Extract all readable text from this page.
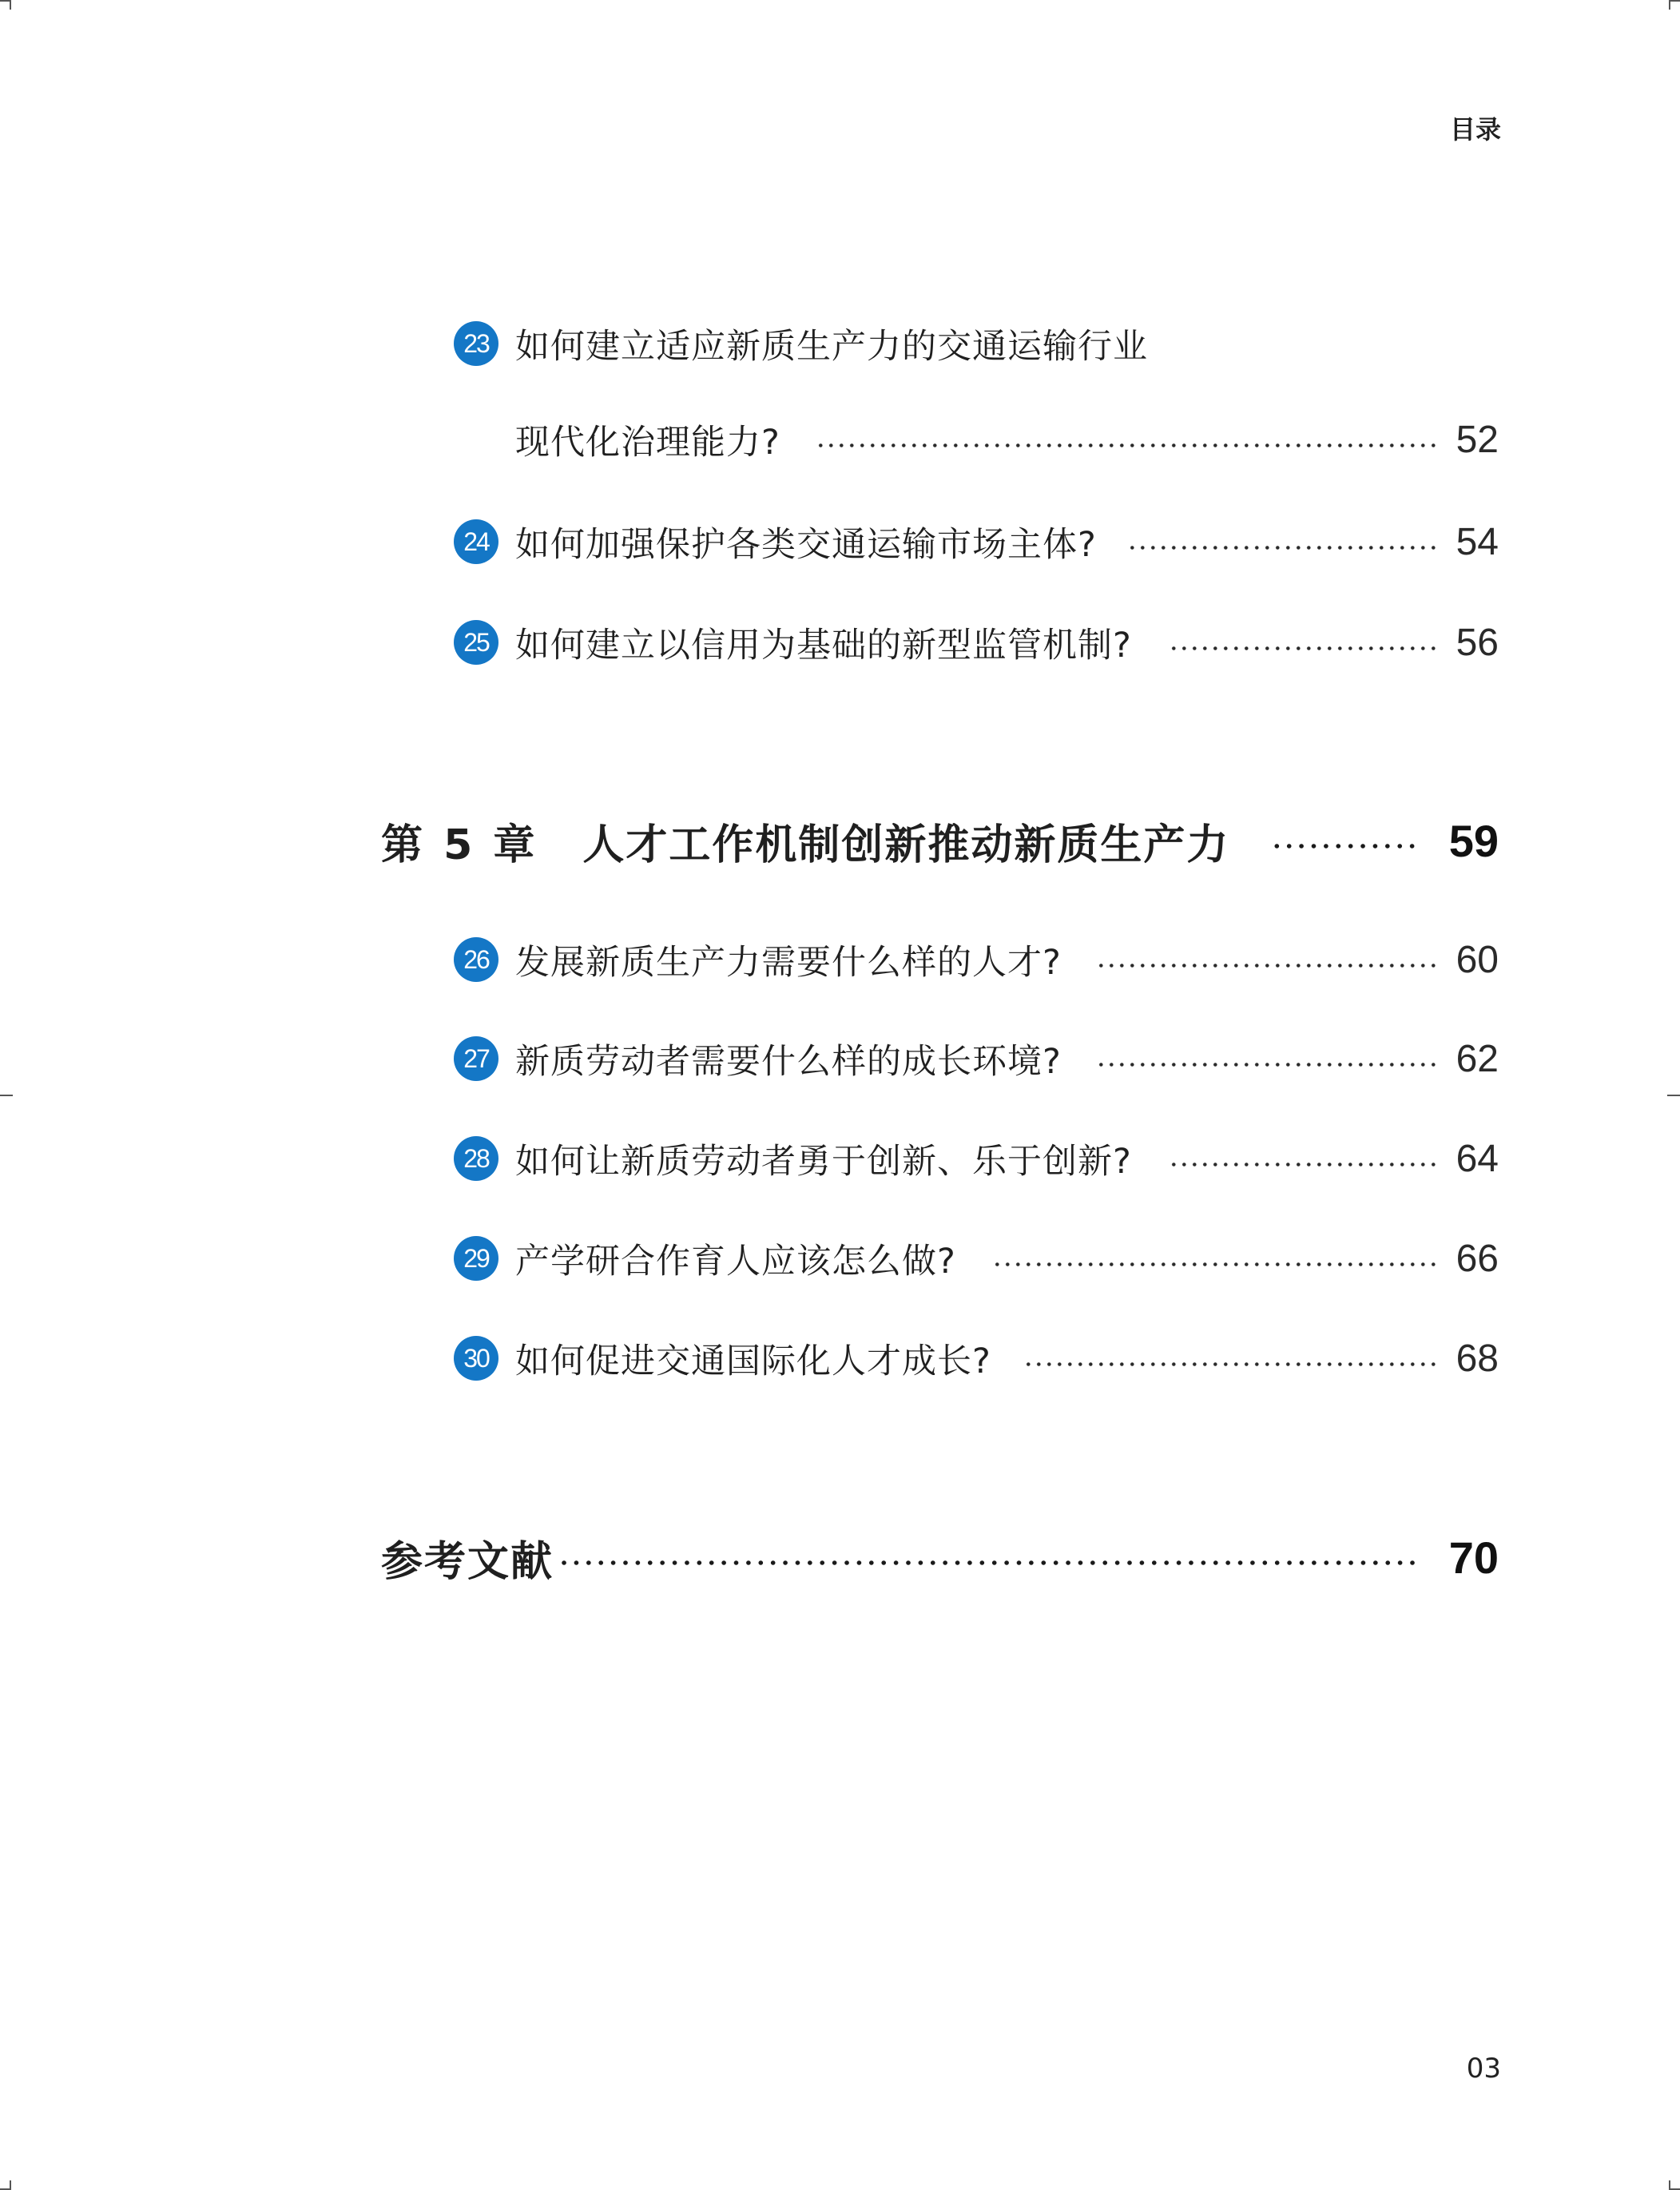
目录
23 如何建立适应新质生产力的交通运输行业
现代化治理能力?	52
24 如何加强保护各类交通运输市场主体?	54
25 如何建立以信用为基础的新型监管机制?	56
第 5 章 人才工作机制创新推动新质生产力	59
26 发展新质生产力需要什么样的人才?	60
27 新质劳动者需要什么样的成长环境?	62
28 如何让新质劳动者勇于创新、乐于创新?	64
29 产学研合作育人应该怎么做?	66
30 如何促进交通国际化人才成长?	68
参考文献	70
03
